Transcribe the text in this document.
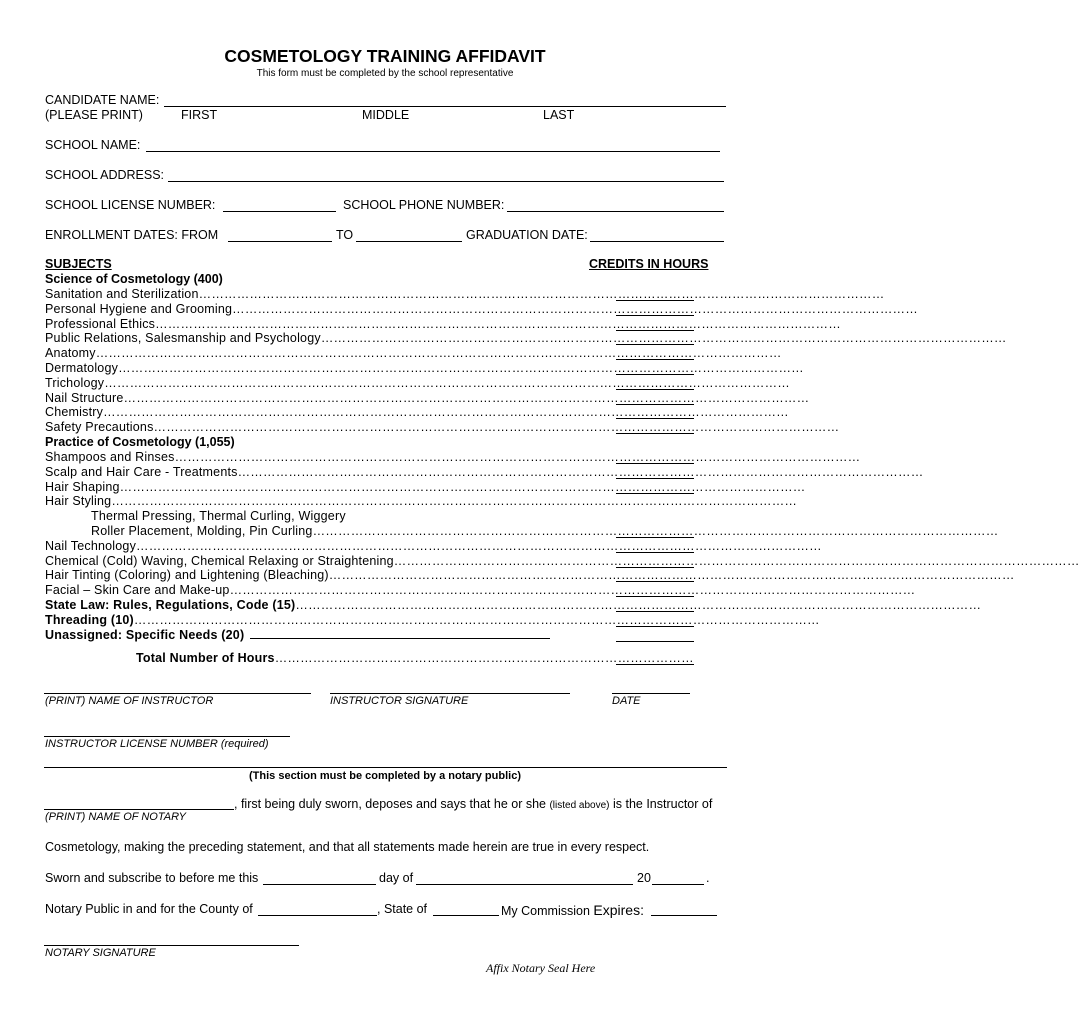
COSMETOLOGY TRAINING AFFIDAVIT
This form must be completed by the school representative
CANDIDATE NAME:
(PLEASE PRINT)	FIRST	MIDDLE	LAST
SCHOOL NAME:
SCHOOL ADDRESS:
SCHOOL LICENSE NUMBER:	SCHOOL PHONE NUMBER:
ENROLLMENT DATES: FROM	TO	GRADUATION DATE:
SUBJECTS	CREDITS IN HOURS
Science of Cosmetology (400)
Sanitation and Sterilization………………………………………………………………………………………………………………………………………………
Personal Hygiene and Grooming………………………………………………………………………………………………………………………………………………
Professional Ethics………………………………………………………………………………………………………………………………………………
Public Relations, Salesmanship and Psychology………………………………………………………………………………………………………………………………………………
Anatomy………………………………………………………………………………………………………………………………………………
Dermatology………………………………………………………………………………………………………………………………………………
Trichology………………………………………………………………………………………………………………………………………………
Nail Structure………………………………………………………………………………………………………………………………………………
Chemistry………………………………………………………………………………………………………………………………………………
Safety Precautions………………………………………………………………………………………………………………………………………………
Practice of Cosmetology (1,055)
Shampoos and Rinses………………………………………………………………………………………………………………………………………………
Scalp and Hair Care - Treatments………………………………………………………………………………………………………………………………………………
Hair Shaping………………………………………………………………………………………………………………………………………………
Hair Styling………………………………………………………………………………………………………………………………………………
Thermal Pressing, Thermal Curling, Wiggery
Roller Placement, Molding, Pin Curling………………………………………………………………………………………………………………………………………………
Nail Technology………………………………………………………………………………………………………………………………………………
Chemical (Cold) Waving, Chemical Relaxing or Straightening………………………………………………………………………………………………………………………………………………
Hair Tinting (Coloring) and Lightening (Bleaching)………………………………………………………………………………………………………………………………………………
Facial – Skin Care and Make-up………………………………………………………………………………………………………………………………………………
State Law: Rules, Regulations, Code (15)………………………………………………………………………………………………………………………………………………
Threading (10)………………………………………………………………………………………………………………………………………………
Unassigned: Specific Needs (20)
Total Number of Hours………………………………………………………………………………………
(PRINT) NAME OF INSTRUCTOR	INSTRUCTOR SIGNATURE	DATE
INSTRUCTOR LICENSE NUMBER (required)
(This section must be completed by a notary public)
, first being duly sworn, deposes and says that he or she (listed above) is the Instructor of
(PRINT) NAME OF NOTARY
Cosmetology, making the preceding statement, and that all statements made herein are true in every respect.
Sworn and subscribe to before me this	day of	20	.
Notary Public in and for the County of	, State of	My Commission Expires:
NOTARY SIGNATURE
Affix Notary Seal Here
